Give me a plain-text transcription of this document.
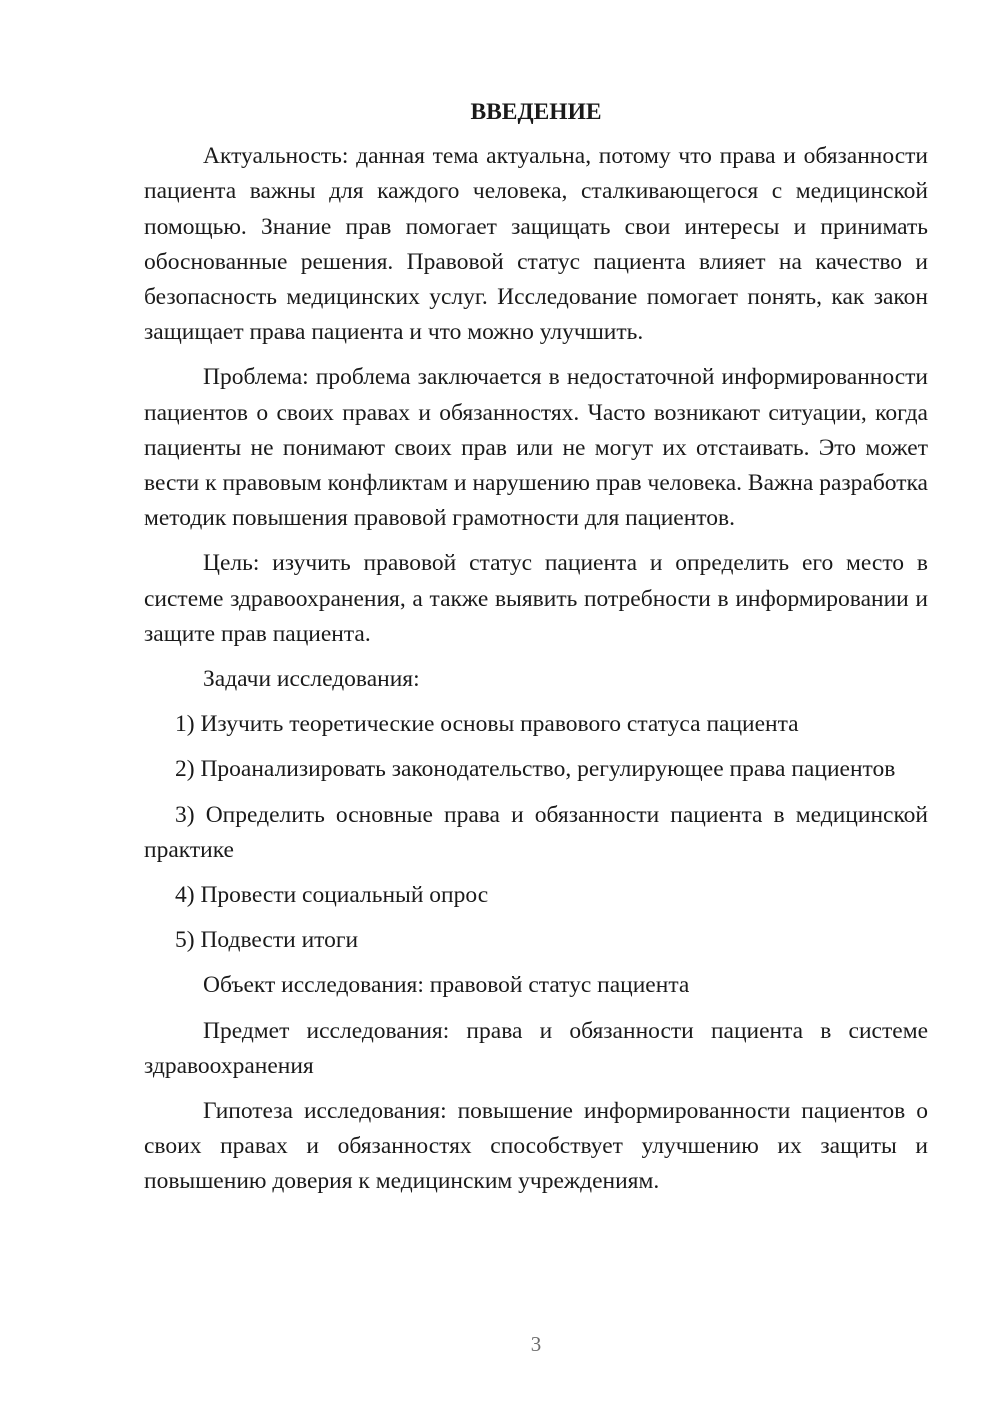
ВВЕДЕНИЕ

Актуальность: данная тема актуальна, потому что права и обязанности пациента важны для каждого человека, сталкивающегося с медицинской помощью. Знание прав помогает защищать свои интересы и принимать обоснованные решения. Правовой статус пациента влияет на качество и безопасность медицинских услуг. Исследование помогает понять, как закон защищает права пациента и что можно улучшить.

Проблема: проблема заключается в недостаточной информированности пациентов о своих правах и обязанностях. Часто возникают ситуации, когда пациенты не понимают своих прав или не могут их отстаивать. Это может вести к правовым конфликтам и нарушению прав человека. Важна разработка методик повышения правовой грамотности для пациентов.

Цель: изучить правовой статус пациента и определить его место в системе здравоохранения, а также выявить потребности в информировании и защите прав пациента.

Задачи исследования:

1) Изучить теоретические основы правового статуса пациента

2) Проанализировать законодательство, регулирующее права пациентов

3) Определить основные права и обязанности пациента в медицинской практике

4) Провести социальный опрос

5) Подвести итоги

Объект исследования: правовой статус пациента

Предмет исследования: права и обязанности пациента в системе здравоохранения

Гипотеза исследования: повышение информированности пациентов о своих правах и обязанностях способствует улучшению их защиты и повышению доверия к медицинским учреждениям.

3
